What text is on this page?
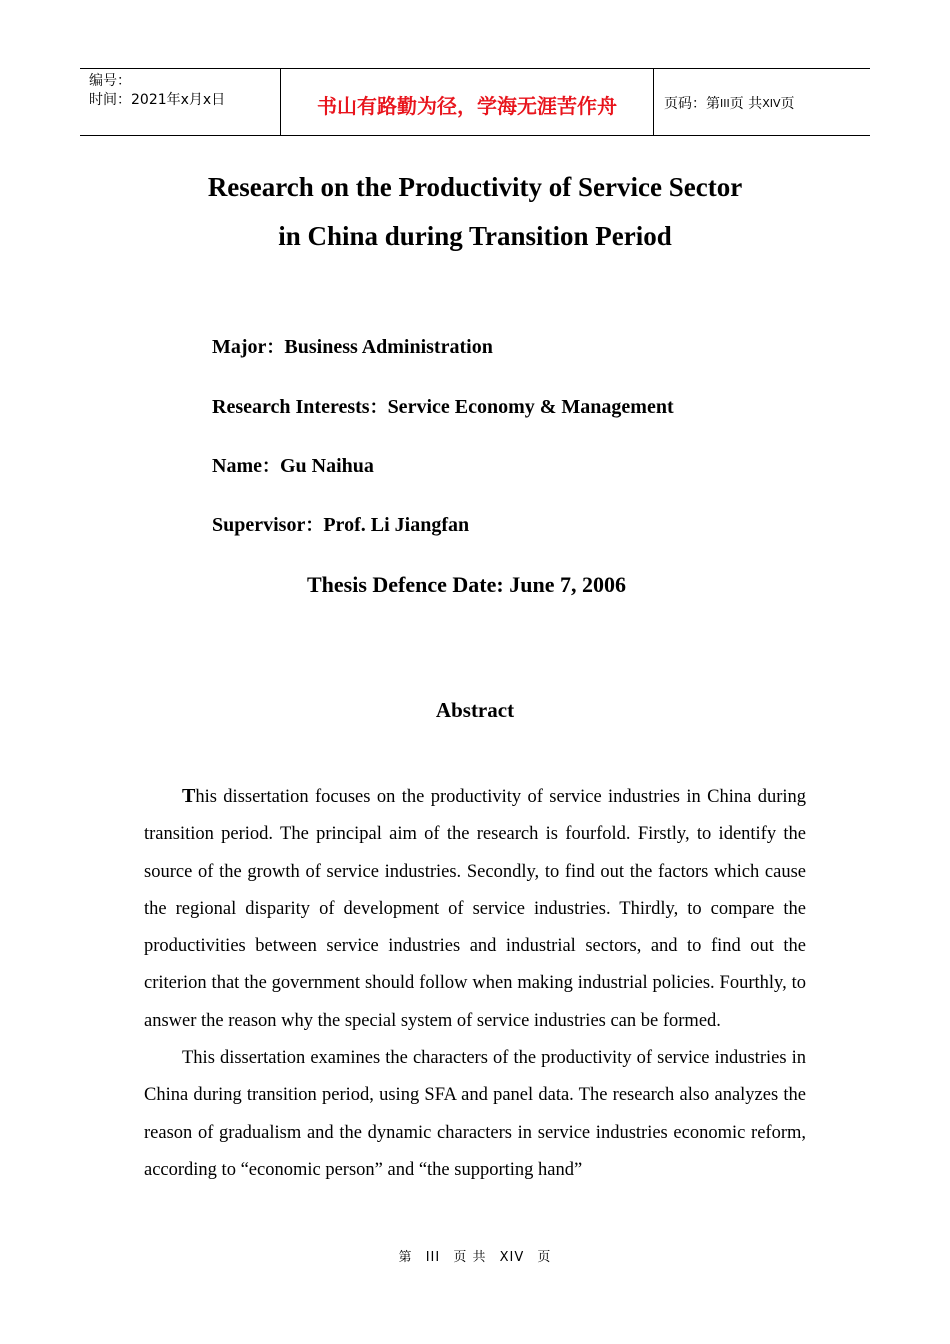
编号：
时间：2021年x月x日	书山有路勤为径，学海无涯苦作舟	页码：第 III 页 共 XIV 页
Research on the Productivity of Service Sector
in China during Transition Period
Major：Business Administration
Research Interests：Service Economy & Management
Name：Gu Naihua
Supervisor：Prof. Li Jiangfan
Thesis Defence Date: June 7, 2006
Abstract

This dissertation focuses on the productivity of service industries in China during transition period. The principal aim of the research is fourfold. Firstly, to identify the source of the growth of service industries. Secondly, to find out the factors which cause the regional disparity of development of service industries. Thirdly, to compare the productivities between service industries and industrial sectors, and to find out the criterion that the government should follow when making industrial policies. Fourthly, to answer the reason why the special system of service industries can be formed.

This dissertation examines the characters of the productivity of service industries in China during transition period, using SFA and panel data. The research also analyzes the reason of gradualism and the dynamic characters in service industries economic reform, according to “economic person” and “the supporting hand”

第 III 页 共 XIV 页
